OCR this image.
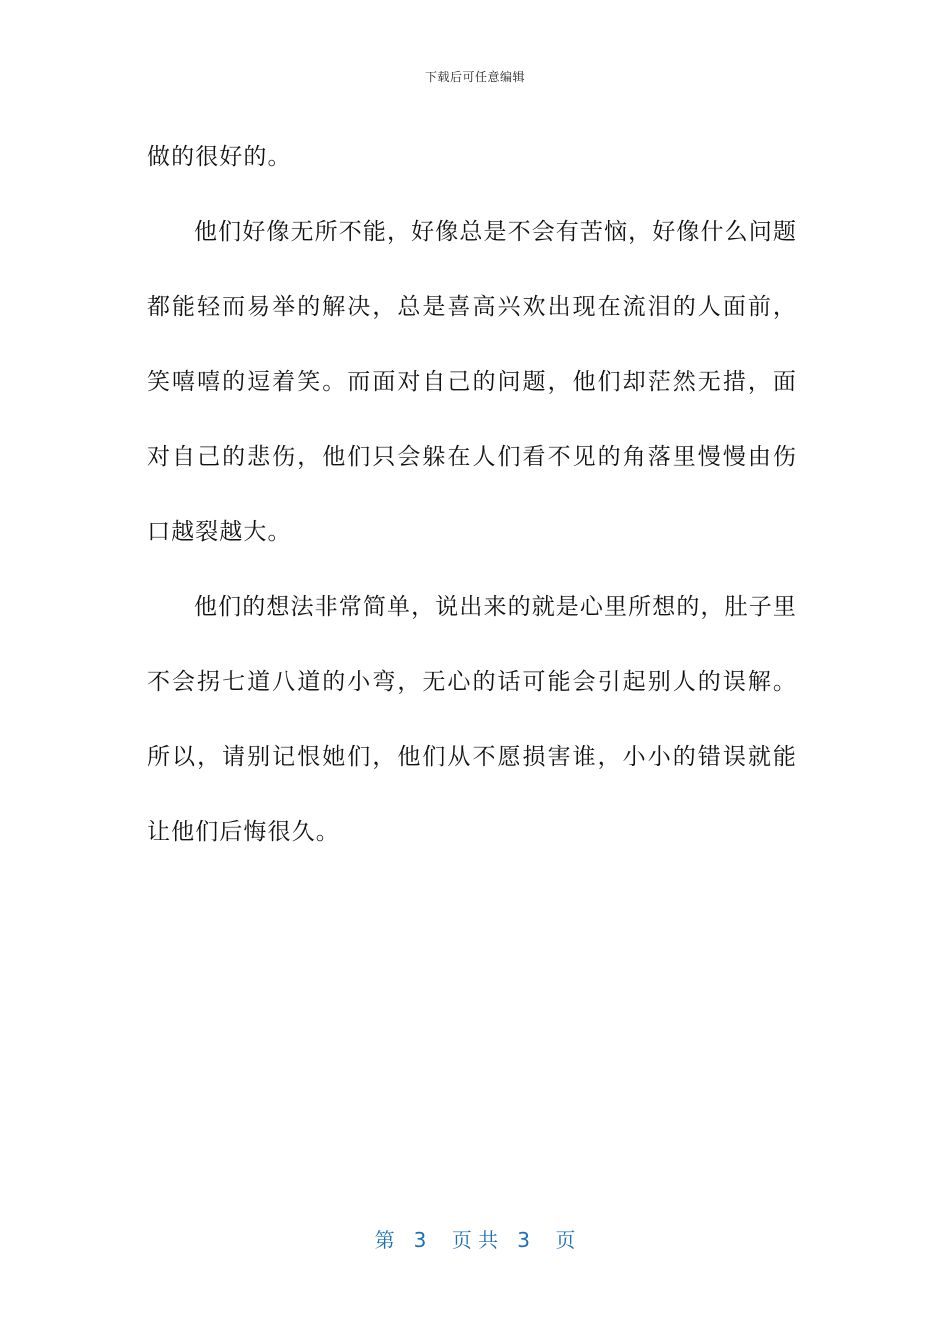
下载后可任意编辑

做的很好的。

他们好像无所不能，好像总是不会有苦恼，好像什么问题都能轻而易举的解决，总是喜高兴欢出现在流泪的人面前，笑嘻嘻的逗着笑。而面对自己的问题，他们却茫然无措，面对自己的悲伤，他们只会躲在人们看不见的角落里慢慢由伤口越裂越大。

他们的想法非常简单，说出来的就是心里所想的，肚子里不会拐七道八道的小弯，无心的话可能会引起别人的误解。所以，请别记恨她们，他们从不愿损害谁，小小的错误就能让他们后悔很久。

第 3 页 共 3 页
